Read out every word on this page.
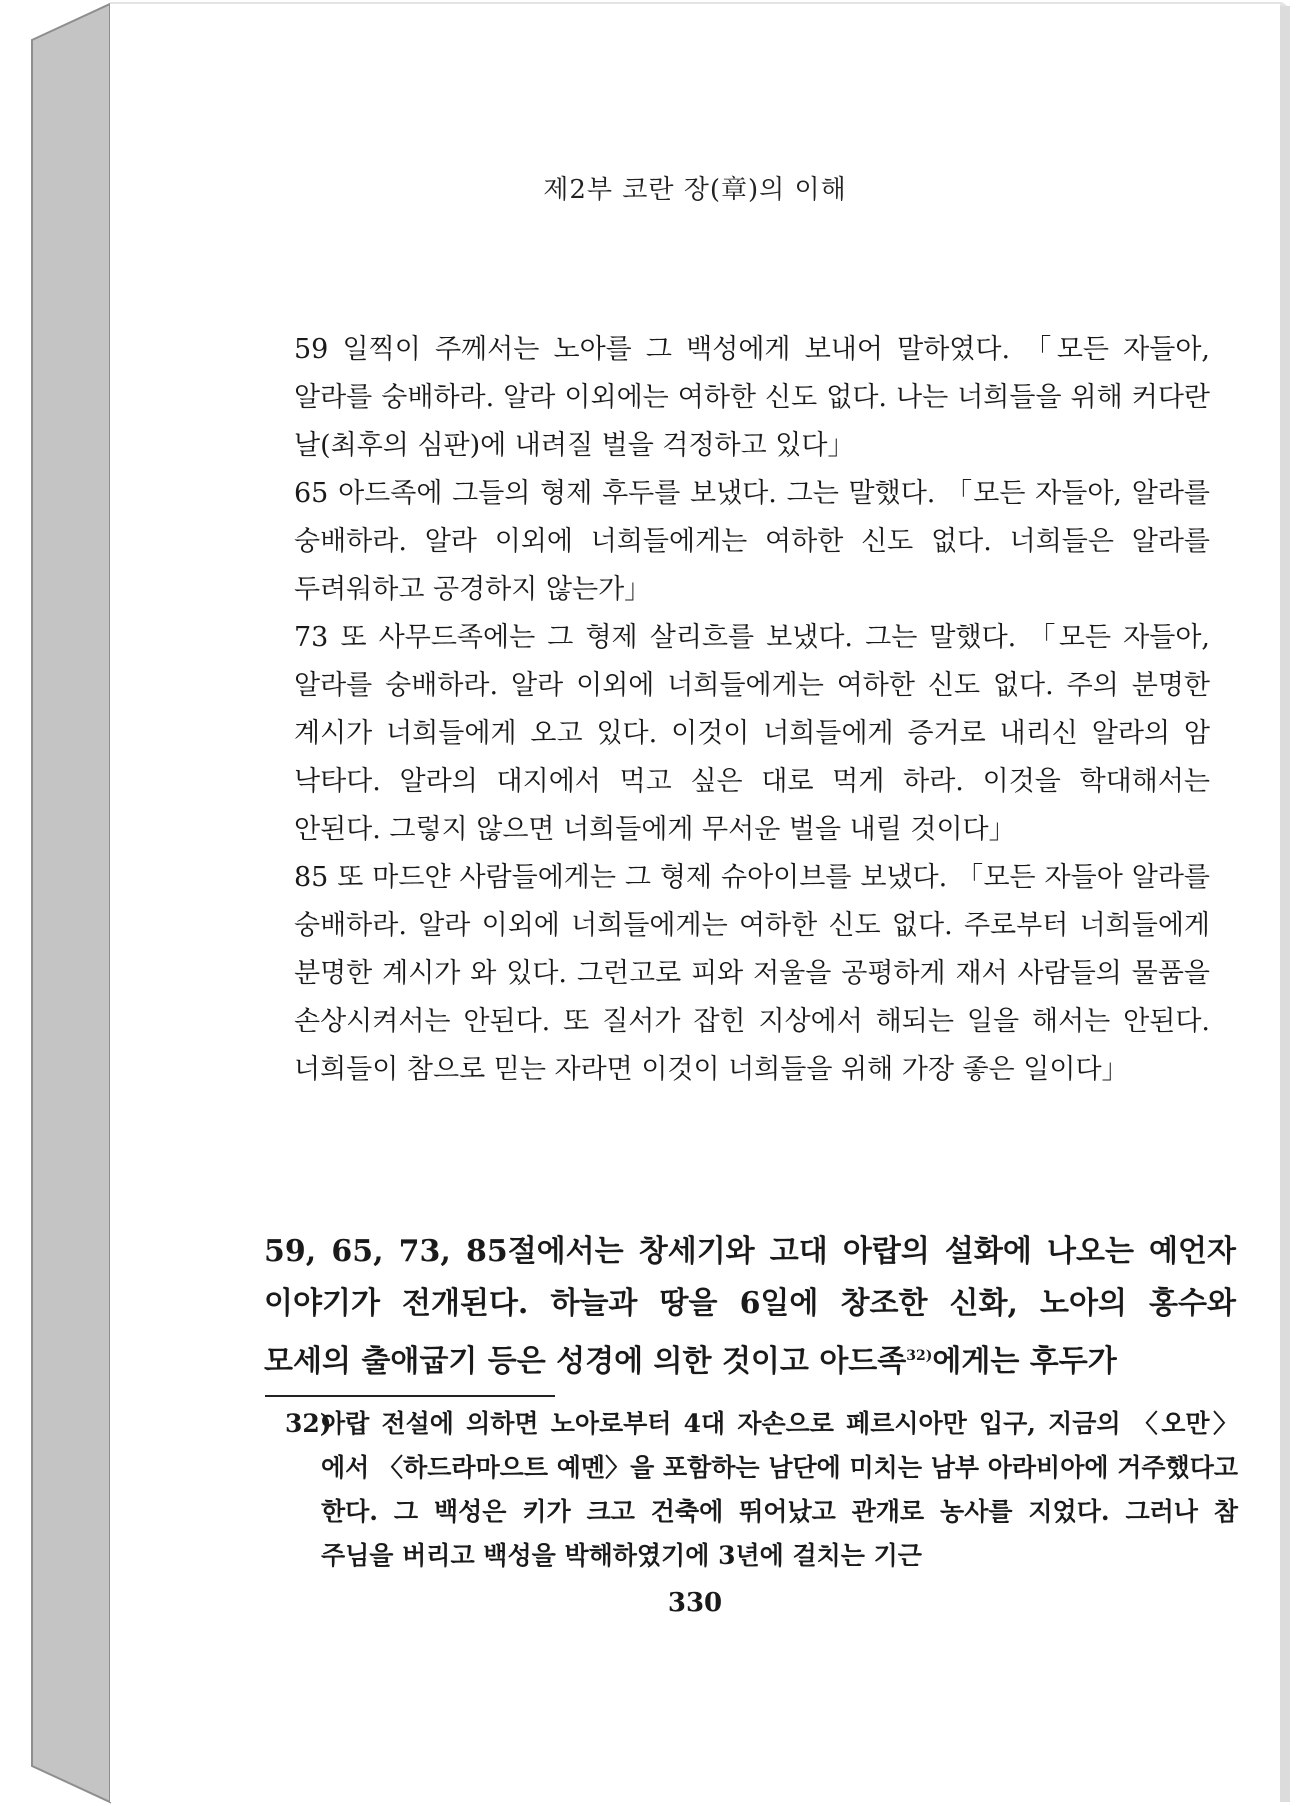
제2부 코란 장(章)의 이해

59 일찍이 주께서는 노아를 그 백성에게 보내어 말하였다. 「모든 자들아, 알라를 숭배하라. 알라 이외에는 여하한 신도 없다. 나는 너희들을 위해 커다란 날(최후의 심판)에 내려질 벌을 걱정하고 있다」

65 아드족에 그들의 형제 후두를 보냈다. 그는 말했다. 「모든 자들아, 알라를 숭배하라. 알라 이외에 너희들에게는 여하한 신도 없다. 너희들은 알라를 두려워하고 공경하지 않는가」

73 또 사무드족에는 그 형제 살리흐를 보냈다. 그는 말했다. 「모든 자들아, 알라를 숭배하라. 알라 이외에 너희들에게는 여하한 신도 없다. 주의 분명한 계시가 너희들에게 오고 있다. 이것이 너희들에게 증거로 내리신 알라의 암 낙타다. 알라의 대지에서 먹고 싶은 대로 먹게 하라. 이것을 학대해서는 안된다. 그렇지 않으면 너희들에게 무서운 벌을 내릴 것이다」

85 또 마드얀 사람들에게는 그 형제 슈아이브를 보냈다. 「모든 자들아 알라를 숭배하라. 알라 이외에 너희들에게는 여하한 신도 없다. 주로부터 너희들에게 분명한 계시가 와 있다. 그런고로 피와 저울을 공평하게 재서 사람들의 물품을 손상시켜서는 안된다. 또 질서가 잡힌 지상에서 해되는 일을 해서는 안된다. 너희들이 참으로 믿는 자라면 이것이 너희들을 위해 가장 좋은 일이다」

59, 65, 73, 85절에서는 창세기와 고대 아랍의 설화에 나오는 예언자 이야기가 전개된다. 하늘과 땅을 6일에 창조한 신화, 노아의 홍수와 모세의 출애굽기 등은 성경에 의한 것이고 아드족$^{32)}$에게는 후두가

32)
아랍 전설에 의하면 노아로부터 4대 자손으로 페르시아만 입구, 지금의 〈오만〉에서 〈하드라마으트 예멘〉을 포함하는 남단에 미치는 남부 아라비아에 거주했다고 한다. 그 백성은 키가 크고 건축에 뛰어났고 관개로 농사를 지었다. 그러나 참 주님을 버리고 백성을 박해하였기에 3년에 걸치는 기근
330
